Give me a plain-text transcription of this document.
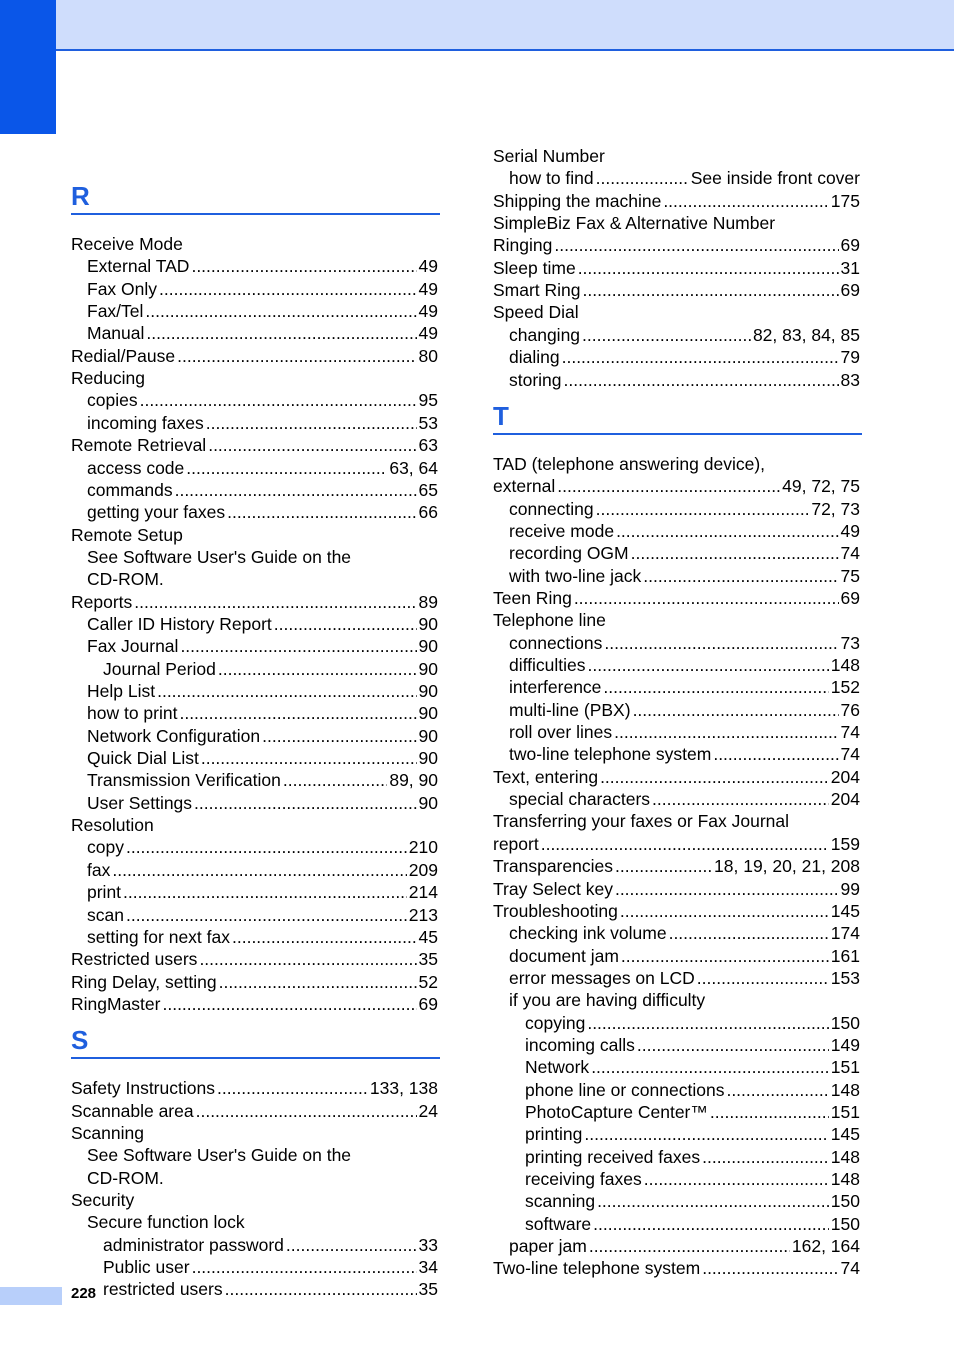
R
Receive Mode
External TAD .....	49
Fax Only .....	49
Fax/Tel .....	49
Manual .....	49
Redial/Pause .....	80
Reducing
copies .....	95
incoming faxes .....	53
Remote Retrieval .....	63
access code .....	63, 64
commands .....	65
getting your faxes .....	66
Remote Setup
See Software User's Guide on the
CD-ROM.
Reports .....	89
Caller ID History Report .....	90
Fax Journal .....	90
Journal Period .....	90
Help List .....	90
how to print .....	90
Network Configuration .....	90
Quick Dial List .....	90
Transmission Verification .....	89, 90
User Settings .....	90
Resolution
copy .....	210
fax .....	209
print .....	214
scan .....	213
setting for next fax .....	45
Restricted users .....	35
Ring Delay, setting .....	52
RingMaster .....	69
S
Safety Instructions .....	133, 138
Scannable area .....	24
Scanning
See Software User's Guide on the
CD-ROM.
Security
Secure function lock
administrator password .....	33
Public user .....	34
restricted users .....	35
Serial Number
how to find .....	See inside front cover
Shipping the machine .....	175
SimpleBiz Fax & Alternative Number
Ringing .....	69
Sleep time .....	31
Smart Ring .....	69
Speed Dial
changing .....	82, 83, 84, 85
dialing .....	79
storing .....	83
T
TAD (telephone answering device),
external .....	49, 72, 75
connecting .....	72, 73
receive mode .....	49
recording OGM .....	74
with two-line jack .....	75
Teen Ring .....	69
Telephone line
connections .....	73
difficulties .....	148
interference .....	152
multi-line (PBX) .....	76
roll over lines .....	74
two-line telephone system .....	74
Text, entering .....	204
special characters .....	204
Transferring your faxes or Fax Journal
report .....	159
Transparencies .....	18, 19, 20, 21, 208
Tray Select key .....	99
Troubleshooting .....	145
checking ink volume .....	174
document jam .....	161
error messages on LCD .....	153
if you are having difficulty
copying .....	150
incoming calls .....	149
Network .....	151
phone line or connections .....	148
PhotoCapture Center™ .....	151
printing .....	145
printing received faxes .....	148
receiving faxes .....	148
scanning .....	150
software .....	150
paper jam .....	162, 164
Two-line telephone system .....	74
228
